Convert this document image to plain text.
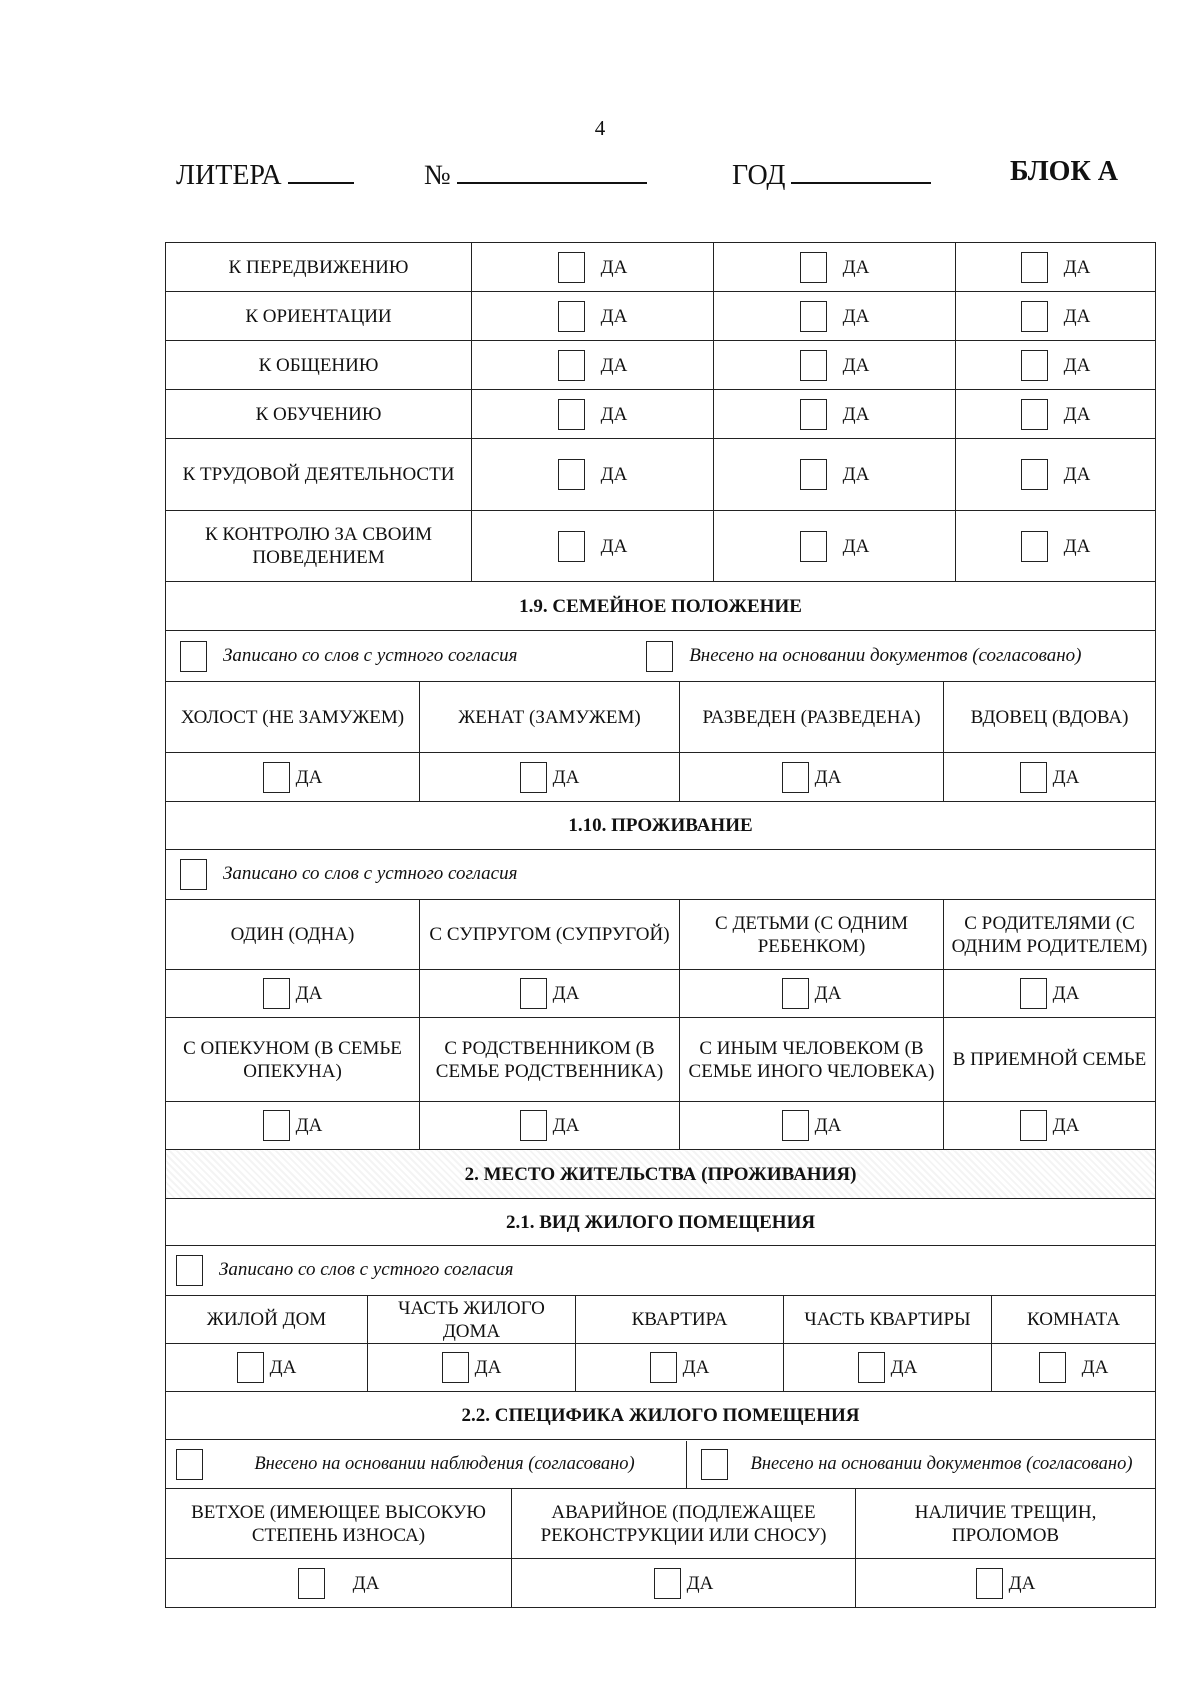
4
ЛИТЕРА	№	ГОД	БЛОК А
К ПЕРЕДВИЖЕНИЮ	ДА	ДА	ДА
К ОРИЕНТАЦИИ	ДА	ДА	ДА
К ОБЩЕНИЮ	ДА	ДА	ДА
К ОБУЧЕНИЮ	ДА	ДА	ДА
К ТРУДОВОЙ ДЕЯТЕЛЬНОСТИ	ДА	ДА	ДА
К КОНТРОЛЮ ЗА СВОИМ ПОВЕДЕНИЕМ	ДА	ДА	ДА
1.9. СЕМЕЙНОЕ ПОЛОЖЕНИЕ			
Записано со слов с устного согласия Внесено на основании документов (согласовано)			
ХОЛОСТ (НЕ ЗАМУЖЕМ)	ЖЕНАТ (ЗАМУЖЕМ)	РАЗВЕДЕН (РАЗВЕДЕНА)	ВДОВЕЦ (ВДОВА)
ДА	ДА	ДА	ДА
1.10. ПРОЖИВАНИЕ			
Записано со слов с устного согласия			
ОДИН (ОДНА)	С СУПРУГОМ (СУПРУГОЙ)	С ДЕТЬМИ (С ОДНИМ РЕБЕНКОМ)	С РОДИТЕЛЯМИ (С ОДНИМ РОДИТЕЛЕМ)
ДА	ДА	ДА	ДА
С ОПЕКУНОМ (В СЕМЬЕ ОПЕКУНА)	С РОДСТВЕННИКОМ (В СЕМЬЕ РОДСТВЕННИКА)	С ИНЫМ ЧЕЛОВЕКОМ (В СЕМЬЕ ИНОГО ЧЕЛОВЕКА)	В ПРИЕМНОЙ СЕМЬЕ
ДА	ДА	ДА	ДА
2. МЕСТО ЖИТЕЛЬСТВА (ПРОЖИВАНИЯ)			
2.1. ВИД ЖИЛОГО ПОМЕЩЕНИЯ				
Записано со слов с устного согласия				
ЖИЛОЙ ДОМ	ЧАСТЬ ЖИЛОГО ДОМА	КВАРТИРА	ЧАСТЬ КВАРТИРЫ	КОМНАТА
ДА	ДА	ДА	ДА	ДА
2.2. СПЕЦИФИКА ЖИЛОГО ПОМЕЩЕНИЯ		

Внесено на основании наблюдения (согласовано) Внесено на основании документов (согласовано)		

ВЕТХОЕ (ИМЕЮЩЕЕ ВЫСОКУЮ СТЕПЕНЬ ИЗНОСА)	АВАРИЙНОЕ (ПОДЛЕЖАЩЕЕ РЕКОНСТРУКЦИИ ИЛИ СНОСУ)	НАЛИЧИЕ ТРЕЩИН, ПРОЛОМОВ
ДА	ДА	ДА
